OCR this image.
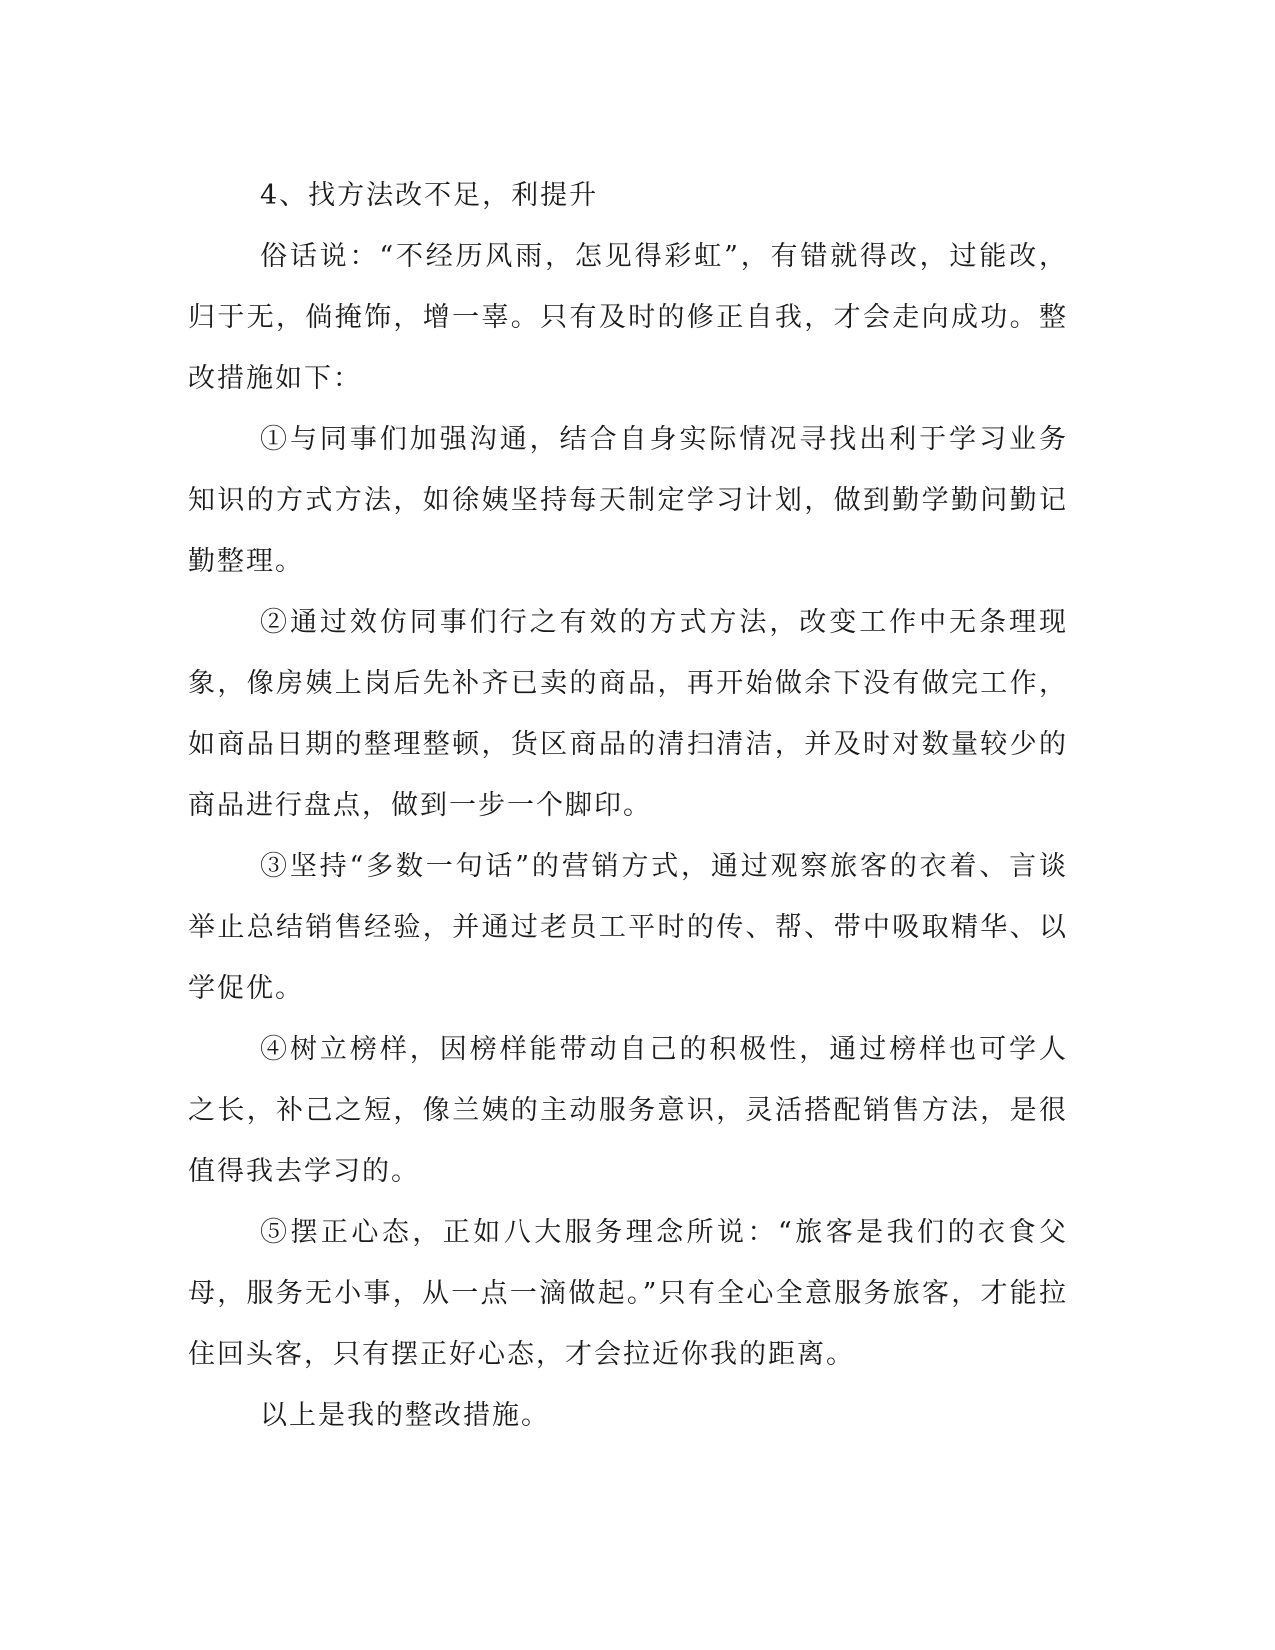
4、找方法改不足，利提升

俗话说：“不经历风雨，怎见得彩虹”，有错就得改，过能改，归于无，倘掩饰，增一辜。只有及时的修正自我，才会走向成功。整改措施如下：

①与同事们加强沟通，结合自身实际情况寻找出利于学习业务知识的方式方法，如徐姨坚持每天制定学习计划，做到勤学勤问勤记勤整理。

②通过效仿同事们行之有效的方式方法，改变工作中无条理现象，像房姨上岗后先补齐已卖的商品，再开始做余下没有做完工作，如商品日期的整理整顿，货区商品的清扫清洁，并及时对数量较少的商品进行盘点，做到一步一个脚印。

③坚持“多数一句话”的营销方式，通过观察旅客的衣着、言谈举止总结销售经验，并通过老员工平时的传、帮、带中吸取精华、以学促优。

④树立榜样，因榜样能带动自己的积极性，通过榜样也可学人之长，补己之短，像兰姨的主动服务意识，灵活搭配销售方法，是很值得我去学习的。

⑤摆正心态，正如八大服务理念所说：“旅客是我们的衣食父母，服务无小事，从一点一滴做起。”只有全心全意服务旅客，才能拉住回头客，只有摆正好心态，才会拉近你我的距离。

以上是我的整改措施。
